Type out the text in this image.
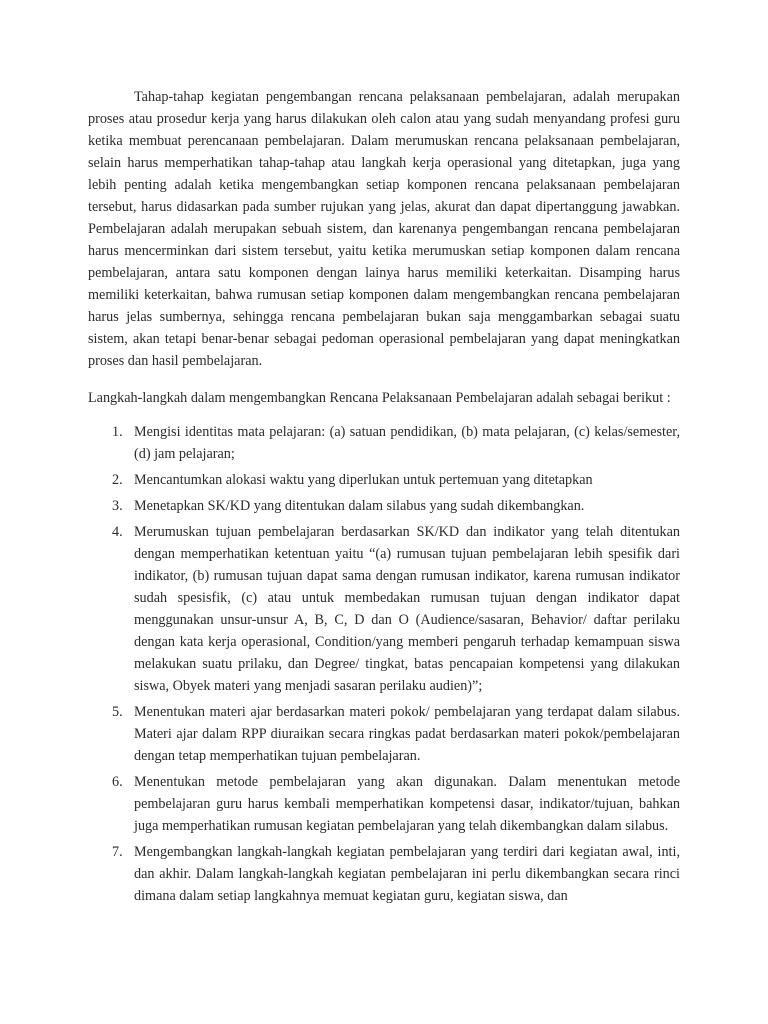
Tahap-tahap kegiatan pengembangan rencana pelaksanaan pembelajaran, adalah merupakan proses atau prosedur kerja yang harus dilakukan oleh calon atau yang sudah menyandang profesi guru ketika membuat perencanaan pembelajaran. Dalam merumuskan rencana pelaksanaan pembelajaran, selain harus memperhatikan tahap-tahap atau langkah kerja operasional yang ditetapkan, juga yang lebih penting adalah ketika mengembangkan setiap komponen rencana pelaksanaan pembelajaran tersebut, harus didasarkan pada sumber rujukan yang jelas, akurat dan dapat dipertanggung jawabkan. Pembelajaran adalah merupakan sebuah sistem, dan karenanya pengembangan rencana pembelajaran harus mencerminkan dari sistem tersebut, yaitu ketika merumuskan setiap komponen dalam rencana pembelajaran, antara satu komponen dengan lainya harus memiliki keterkaitan. Disamping harus memiliki keterkaitan, bahwa rumusan setiap komponen dalam mengembangkan rencana pembelajaran harus jelas sumbernya, sehingga rencana pembelajaran bukan saja menggambarkan sebagai suatu sistem, akan tetapi benar-benar sebagai pedoman operasional pembelajaran yang dapat meningkatkan proses dan hasil pembelajaran.

Langkah-langkah dalam mengembangkan Rencana Pelaksanaan Pembelajaran adalah sebagai berikut :

1. Mengisi identitas mata pelajaran: (a) satuan pendidikan, (b) mata pelajaran, (c) kelas/semester, (d) jam pelajaran;
2. Mencantumkan alokasi waktu yang diperlukan untuk pertemuan yang ditetapkan
3. Menetapkan SK/KD yang ditentukan dalam silabus yang sudah dikembangkan.
4. Merumuskan tujuan pembelajaran berdasarkan SK/KD dan indikator yang telah ditentukan dengan memperhatikan ketentuan yaitu “(a) rumusan tujuan pembelajaran lebih spesifik dari indikator, (b) rumusan tujuan dapat sama dengan rumusan indikator, karena rumusan indikator sudah spesisfik, (c) atau untuk membedakan rumusan tujuan dengan indikator dapat menggunakan unsur-unsur A, B, C, D dan O (Audience/sasaran, Behavior/ daftar perilaku dengan kata kerja operasional, Condition/yang memberi pengaruh terhadap kemampuan siswa melakukan suatu prilaku, dan Degree/ tingkat, batas pencapaian kompetensi yang dilakukan siswa, Obyek materi yang menjadi sasaran perilaku audien)”;
5. Menentukan materi ajar berdasarkan materi pokok/ pembelajaran yang terdapat dalam silabus. Materi ajar dalam RPP diuraikan secara ringkas padat berdasarkan materi pokok/pembelajaran dengan tetap memperhatikan tujuan pembelajaran.
6. Menentukan metode pembelajaran yang akan digunakan. Dalam menentukan metode pembelajaran guru harus kembali memperhatikan kompetensi dasar, indikator/tujuan, bahkan juga memperhatikan rumusan kegiatan pembelajaran yang telah dikembangkan dalam silabus.
7. Mengembangkan langkah-langkah kegiatan pembelajaran yang terdiri dari kegiatan awal, inti, dan akhir. Dalam langkah-langkah kegiatan pembelajaran ini perlu dikembangkan secara rinci dimana dalam setiap langkahnya memuat kegiatan guru, kegiatan siswa, dan
